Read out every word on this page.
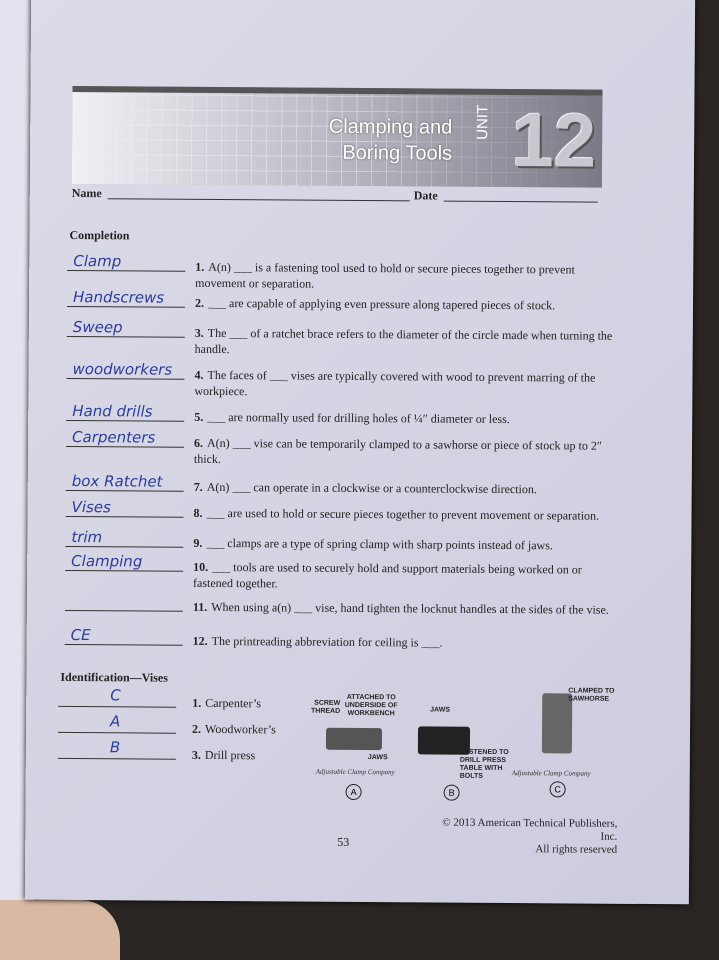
Clamping and
Boring Tools
UNIT 12
Name	Date
Completion
Clamp	1. A(n) ___ is a fastening tool used to hold or secure pieces together to prevent movement or separation.
Handscrews	2. ___ are capable of applying even pressure along tapered pieces of stock.
Sweep	3. The ___ of a ratchet brace refers to the diameter of the circle made when turning the handle.
woodworkers 4. The faces of ___ vises are typically covered with wood to prevent marring of the workpiece.
Hand drills	5. ___ are normally used for drilling holes of ¼″ diameter or less.
Carpenters	6. A(n) ___ vise can be temporarily clamped to a sawhorse or piece of stock up to 2″ thick.
box Ratchet	7. A(n) ___ can operate in a clockwise or a counterclockwise direction.
Vises	8. ___ are used to hold or secure pieces together to prevent movement or separation.
trim	9. ___ clamps are a type of spring clamp with sharp points instead of jaws.
Clamping	10. ___ tools are used to securely hold and support materials being worked on or fastened together.
11. When using a(n) ___ vise, hand tighten the locknut handles at the sides of the vise.
CE	12. The printreading abbreviation for ceiling is ___.
Identification—Vises
C	1. Carpenter’s
A	2. Woodworker’s
B	3. Drill press
SCREW THREAD
ATTACHED TO UNDERSIDE OF WORKBENCH
JAWS
Adjustable Clamp Company
A
JAWS
FASTENED TO DRILL PRESS TABLE WITH BOLTS
B
CLAMPED TO SAWHORSE
Adjustable Clamp Company
C
53
© 2013 American Technical Publishers, Inc.
All rights reserved
